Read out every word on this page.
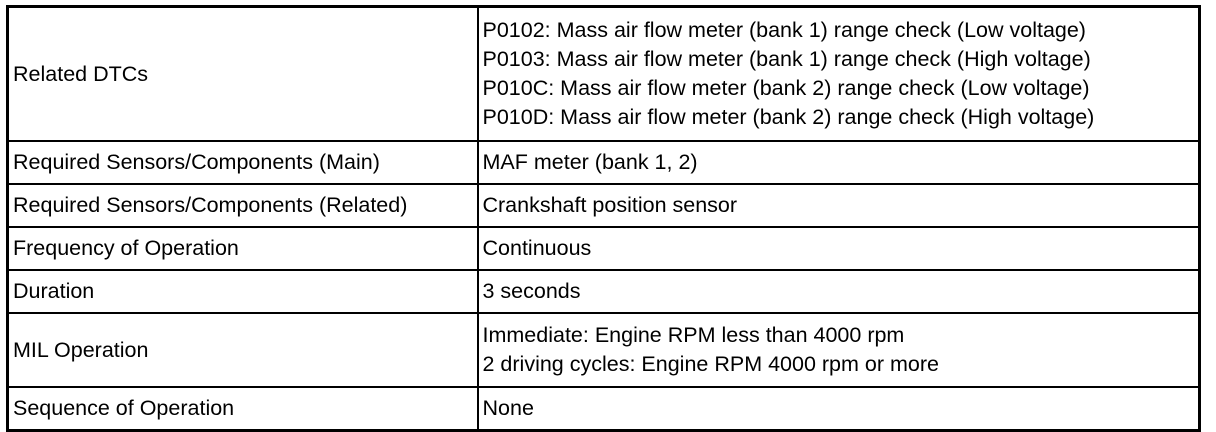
Related DTCs	P0102: Mass air flow meter (bank 1) range check (Low voltage)
P0103: Mass air flow meter (bank 1) range check (High voltage)
P010C: Mass air flow meter (bank 2) range check (Low voltage)
P010D: Mass air flow meter (bank 2) range check (High voltage)

Required Sensors/Components (Main)	MAF meter (bank 1, 2)
Required Sensors/Components (Related)	Crankshaft position sensor
Frequency of Operation	Continuous
Duration	3 seconds
MIL Operation	Immediate: Engine RPM less than 4000 rpm
2 driving cycles: Engine RPM 4000 rpm or more

Sequence of Operation	None
